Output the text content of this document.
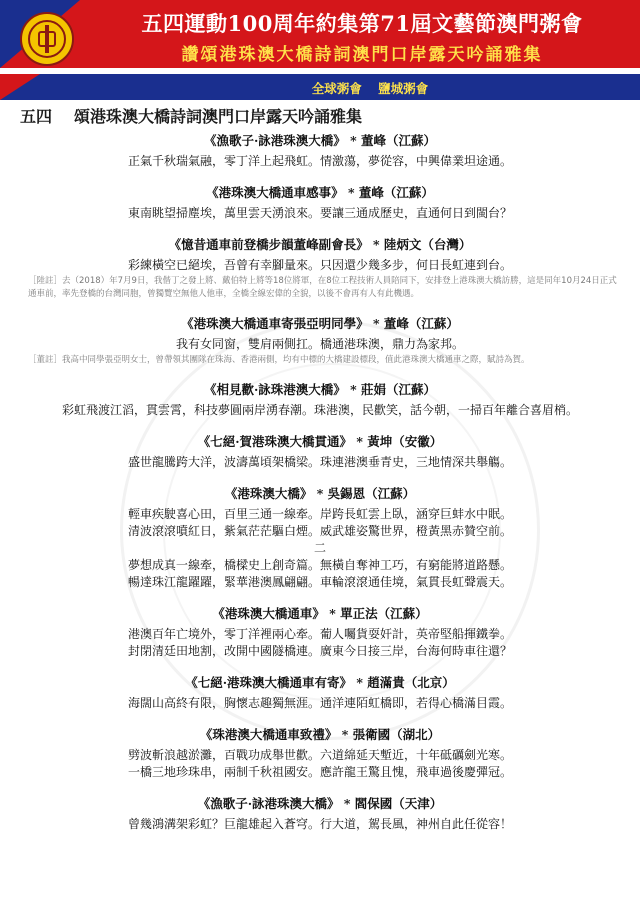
五四運動100周年約集第71屆文藝節澳門粥會
讚頌港珠澳大橋詩詞澳門口岸露天吟誦雅集
全球粥會 鹽城粥會
五四 頌港珠澳大橋詩詞澳門口岸露天吟誦雅集
《漁歌子·詠港珠澳大橋》 * 董峰（江蘇）
正氣千秋瑞氣融，零丁洋上起飛虹。情激蕩，夢從容，中興偉業坦途通。
《港珠澳大橋通車感事》 * 董峰（江蘇）
東南眺望掃塵埃，萬里雲天湧浪來。要讓三通成歷史，直通何日到閩台？
《憶昔通車前登橋步韻董峰副會長》 * 陸炳文（台灣）
彩練橫空已絕埃，吾曾有幸腳量來。只因還少幾多步，何日長虹連到台。
［陸註］去（2018）年7月9日，我偕丁之發上將、戴伯特上將等18位將軍，在8位工程技術人員陪同下，安排登上港珠澳大橋訪勝，這是同年10月24日正式通車前，率先登橋的台灣同胞，曾獨覽空無他人他車，全橋全線宏偉的全貌，以後不會再有人有此機遇。
《港珠澳大橋通車寄張亞明同學》 * 董峰（江蘇）
我有女同窗，雙肩兩側扛。橋通港珠澳，鼎力為家邦。
［董註］我高中同學張亞明女士，曾帶領其團隊在珠海、香港兩側，均有中標的大橋建設標段，值此港珠澳大橋通車之際，賦詩為賀。
《相見歡·詠珠港澳大橋》 * 莊娟（江蘇）
彩虹飛渡江滔，貫雲霄，科技夢圓兩岸湧春潮。珠港澳，民歡笑，話今朝，一掃百年離合喜眉梢。
《七絕·賀港珠澳大橋貫通》 * 黃坤（安徽）
盛世龍騰跨大洋，波濤萬頃架橋梁。珠連港澳垂青史，三地情深共舉觴。
《港珠澳大橋》 * 吳錫恩（江蘇）
輕車疾駛喜心田，百里三通一線牽。岸跨長虹雲上臥，涵穿巨蚌水中眠。
清波滾滾噴紅日，紫氣茫茫驅白煙。威武雄姿驚世界，橙黃黑赤贊空前。
二
夢想成真一線牽，橋樑史上創奇篇。無橫自奪神工巧，有窮能將道路懸。
暢達珠江龍躍躍，緊華港澳鳳翩翩。車輪滾滾通佳境，氣貫長虹聲震天。
《港珠澳大橋通車》 * 單正法（江蘇）
港澳百年亡境外，零丁洋裡兩心牽。葡人囑貨耍奸計，英帝堅船揮鐵拳。
封閉清廷田地割，改開中國隧橋連。廣東今日接三岸，台海何時車往還？
《七絕·港珠澳大橋通車有寄》 * 趙滿貴（北京）
海闊山高終有限，胸懷志趣獨無涯。通洋連陌虹橋即，若得心橋滿目霞。
《珠港澳大橋通車致禮》 * 張衛國（湖北）
劈波斬浪越淤灘，百戰功成舉世歡。六道綿延天塹近，十年砥礪劍光寒。
一橋三地珍珠串，兩制千秋祖國安。應許龍王驚且愧，飛車過後慶彈冠。
《漁歌子·詠港珠澳大橋》 * 閻保國（天津）
曾幾鴻溝架彩虹？巨龍雄起入蒼穹。行大道，駕長風，神州自此任從容！
